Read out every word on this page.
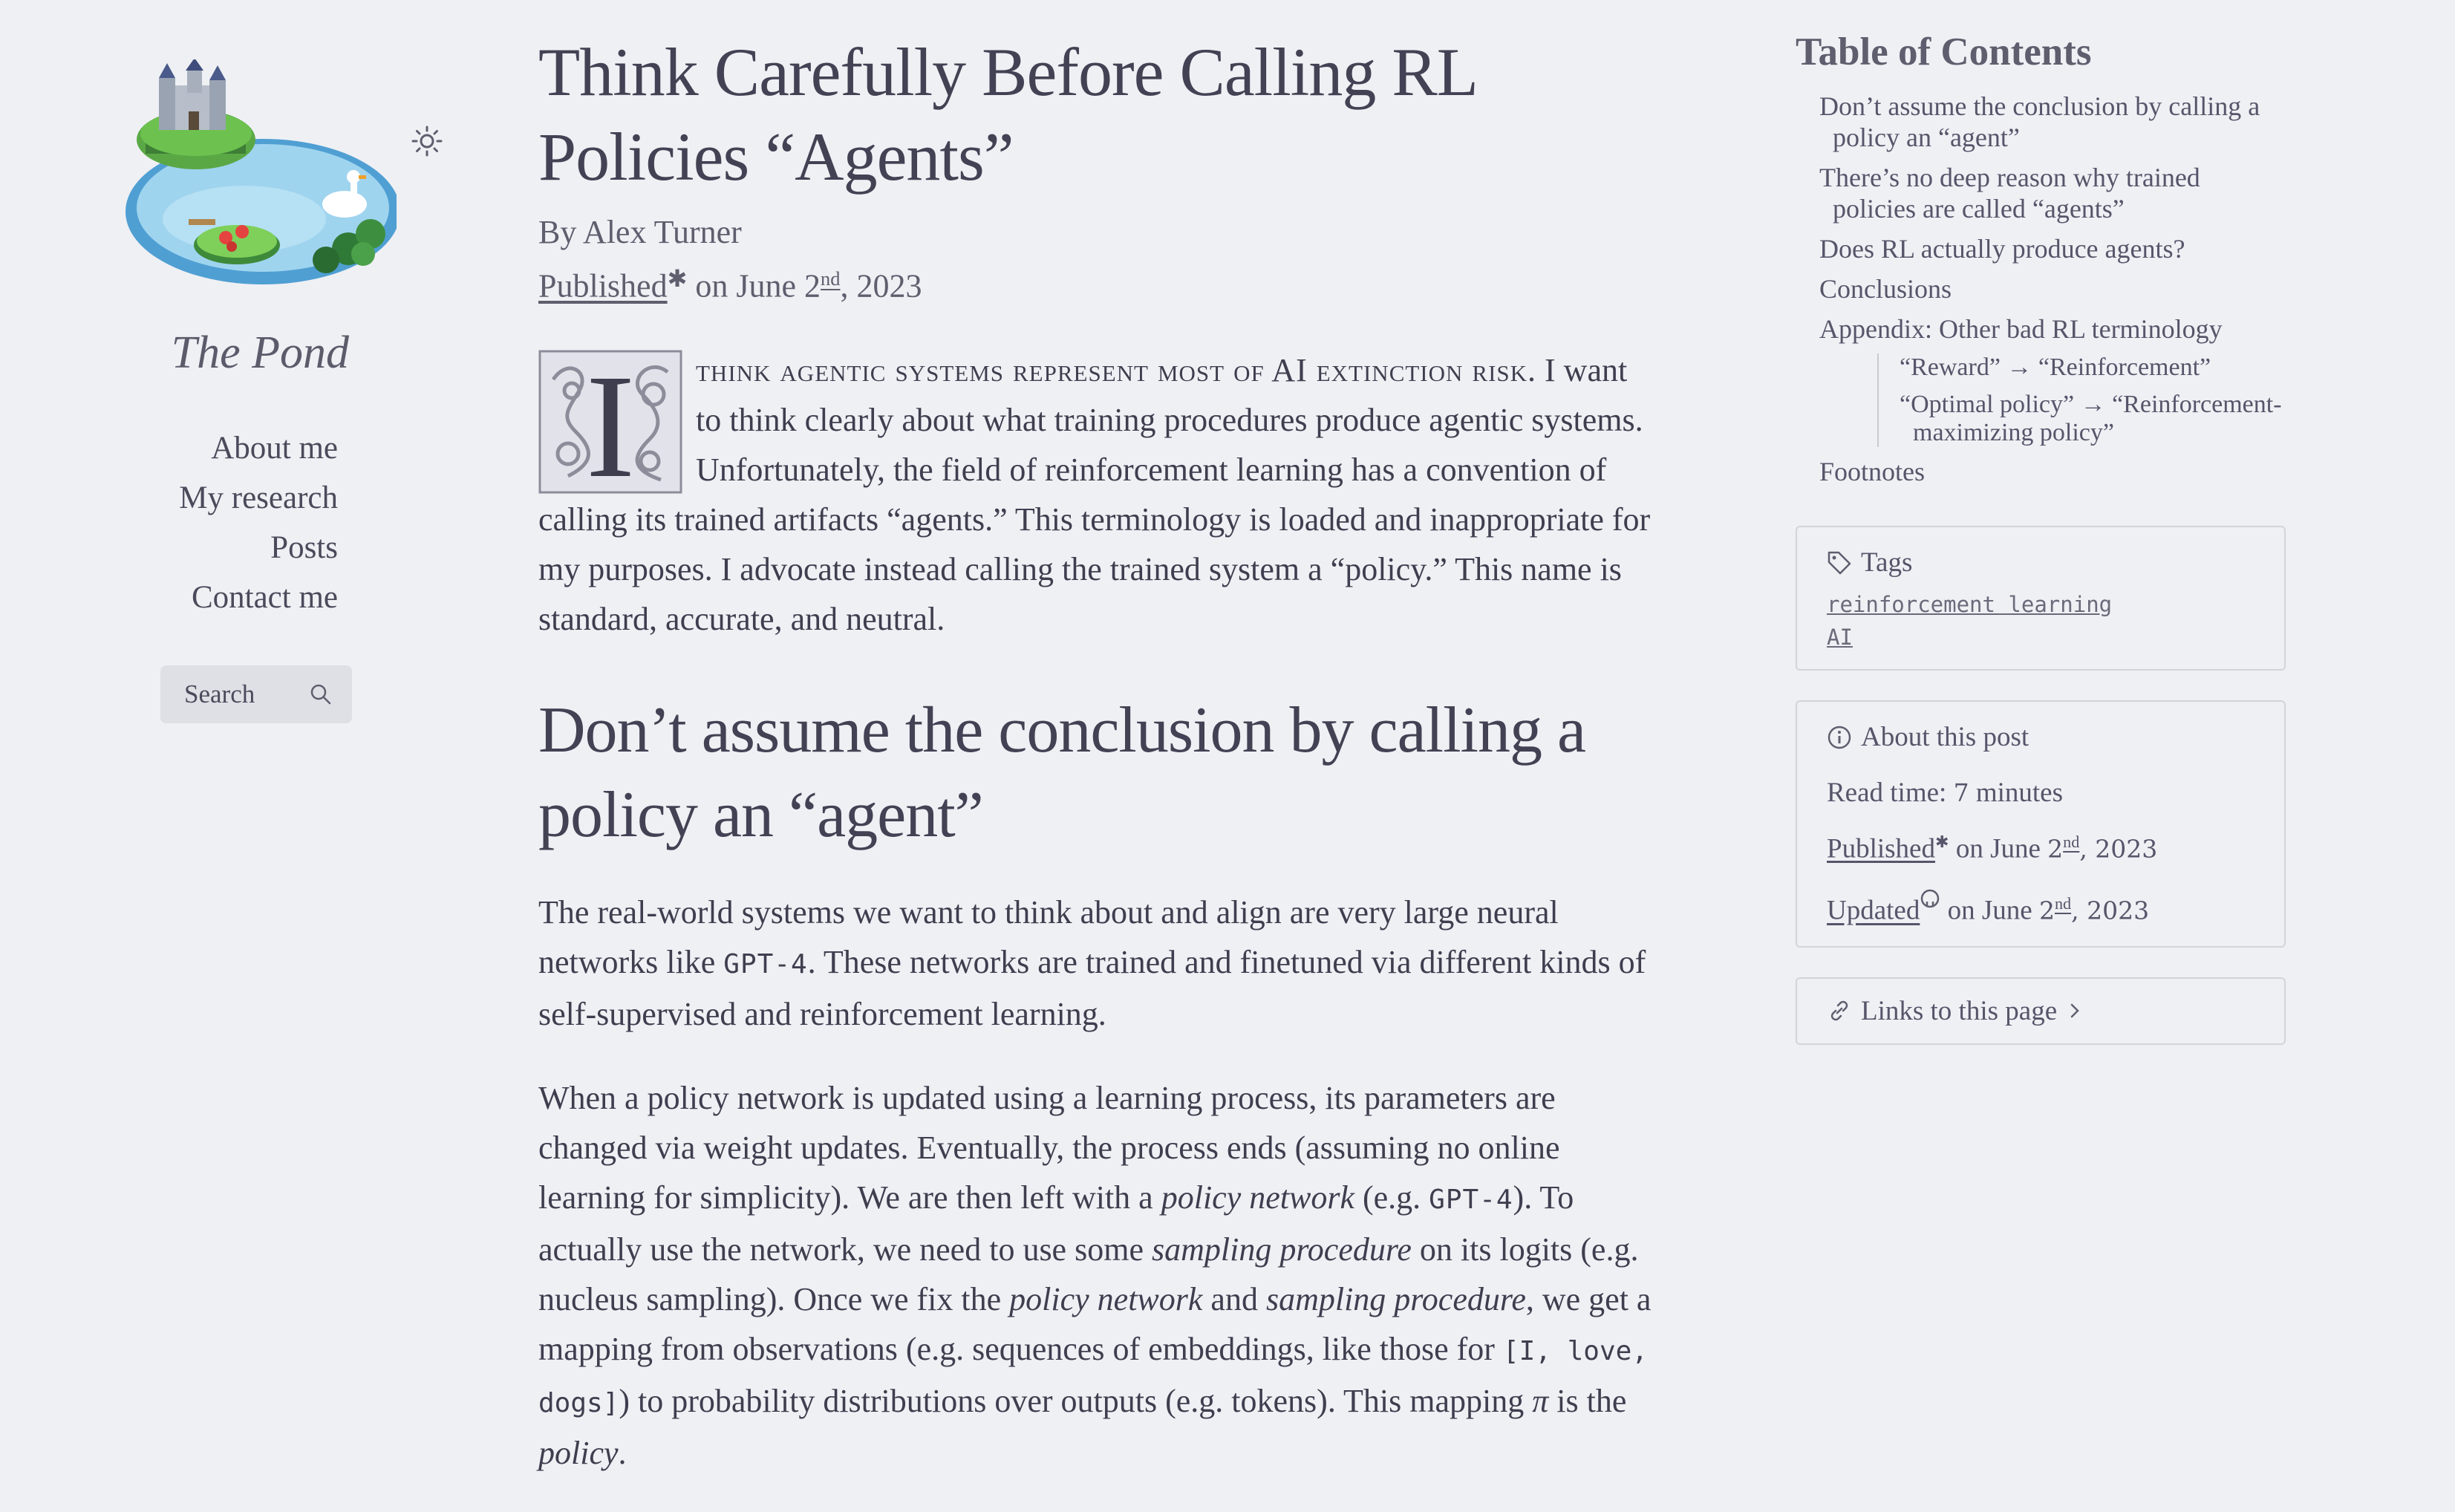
The Pond
About me
My research
Posts
Contact me
Search
Think Carefully Before Calling RL Policies “Agents”
By Alex Turner
Published✱ on June 2nd, 2023

I think agentic systems represent most of AI extinction risk. I want to think clearly about what training procedures produce agentic systems. Unfortunately, the field of reinforcement learning has a convention of calling its trained artifacts “agents.” This terminology is loaded and inappropriate for my purposes. I advocate instead calling the trained system a “policy.” This name is standard, accurate, and neutral.

Don’t assume the conclusion by calling a policy an “agent”

The real-world systems we want to think about and align are very large neural networks like GPT-4. These networks are trained and finetuned via different kinds of self-supervised and reinforcement learning.

When a policy network is updated using a learning process, its parameters are changed via weight updates. Eventually, the process ends (assuming no online learning for simplicity). We are then left with a policy network (e.g. GPT-4). To actually use the network, we need to use some sampling procedure on its logits (e.g. nucleus sampling). Once we fix the policy network and sampling procedure, we get a mapping from observations (e.g. sequences of embeddings, like those for [I, love, dogs]) to probability distributions over outputs (e.g. tokens). This mapping π is the policy.

Table of Contents
Don’t assume the conclusion by calling a policy an “agent”
There’s no deep reason why trained policies are called “agents”
Does RL actually produce agents?
Conclusions
Appendix: Other bad RL terminology
“Reward” → “Reinforcement”
“Optimal policy” → “Reinforcement-maximizing policy”
Footnotes
Tags
reinforcement learning
AI
About this post
Read time: 7 minutes
Published✱ on June 2nd, 2023
Updated on June 2nd, 2023
Links to this page
